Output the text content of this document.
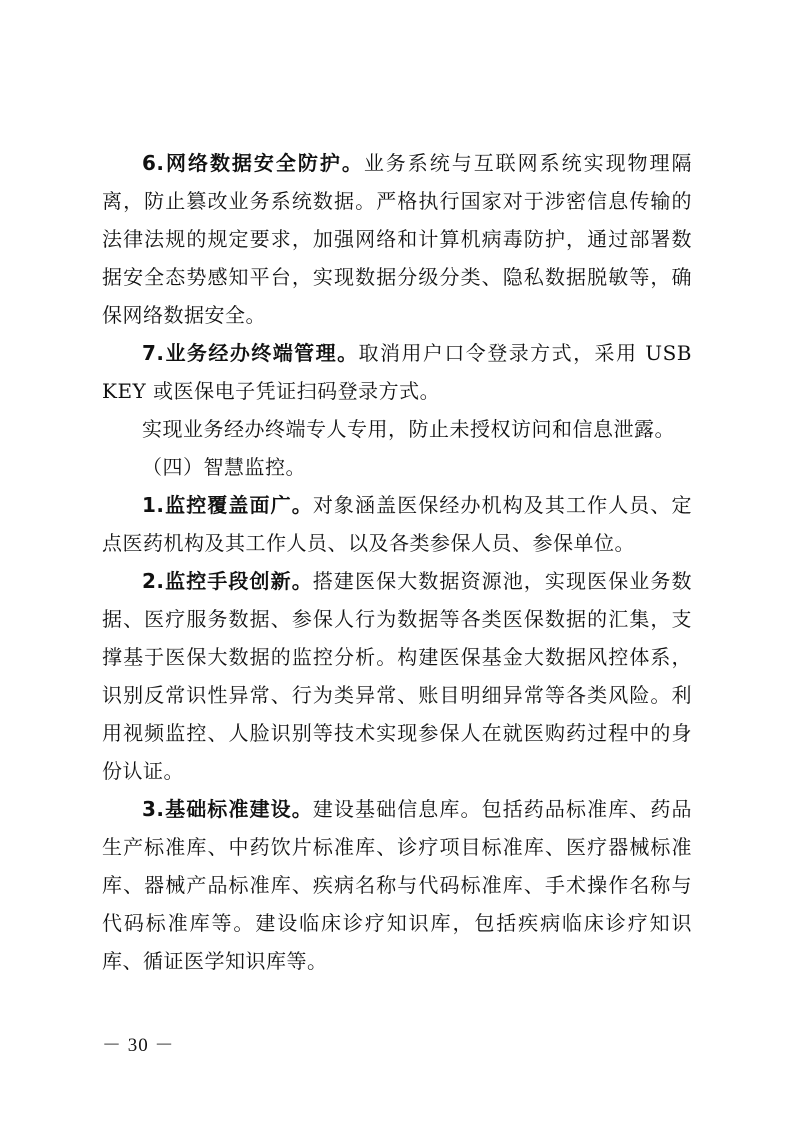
6.网络数据安全防护。业务系统与互联网系统实现物理隔离，防止篡改业务系统数据。严格执行国家对于涉密信息传输的法律法规的规定要求，加强网络和计算机病毒防护，通过部署数据安全态势感知平台，实现数据分级分类、隐私数据脱敏等，确保网络数据安全。

7.业务经办终端管理。取消用户口令登录方式，采用 USB KEY 或医保电子凭证扫码登录方式。

实现业务经办终端专人专用，防止未授权访问和信息泄露。

（四）智慧监控。

1.监控覆盖面广。对象涵盖医保经办机构及其工作人员、定点医药机构及其工作人员、以及各类参保人员、参保单位。

2.监控手段创新。搭建医保大数据资源池，实现医保业务数据、医疗服务数据、参保人行为数据等各类医保数据的汇集，支撑基于医保大数据的监控分析。构建医保基金大数据风控体系，识别反常识性异常、行为类异常、账目明细异常等各类风险。利用视频监控、人脸识别等技术实现参保人在就医购药过程中的身份认证。

3.基础标准建设。建设基础信息库。包括药品标准库、药品生产标准库、中药饮片标准库、诊疗项目标准库、医疗器械标准库、器械产品标准库、疾病名称与代码标准库、手术操作名称与代码标准库等。建设临床诊疗知识库，包括疾病临床诊疗知识库、循证医学知识库等。

－ 30 －
